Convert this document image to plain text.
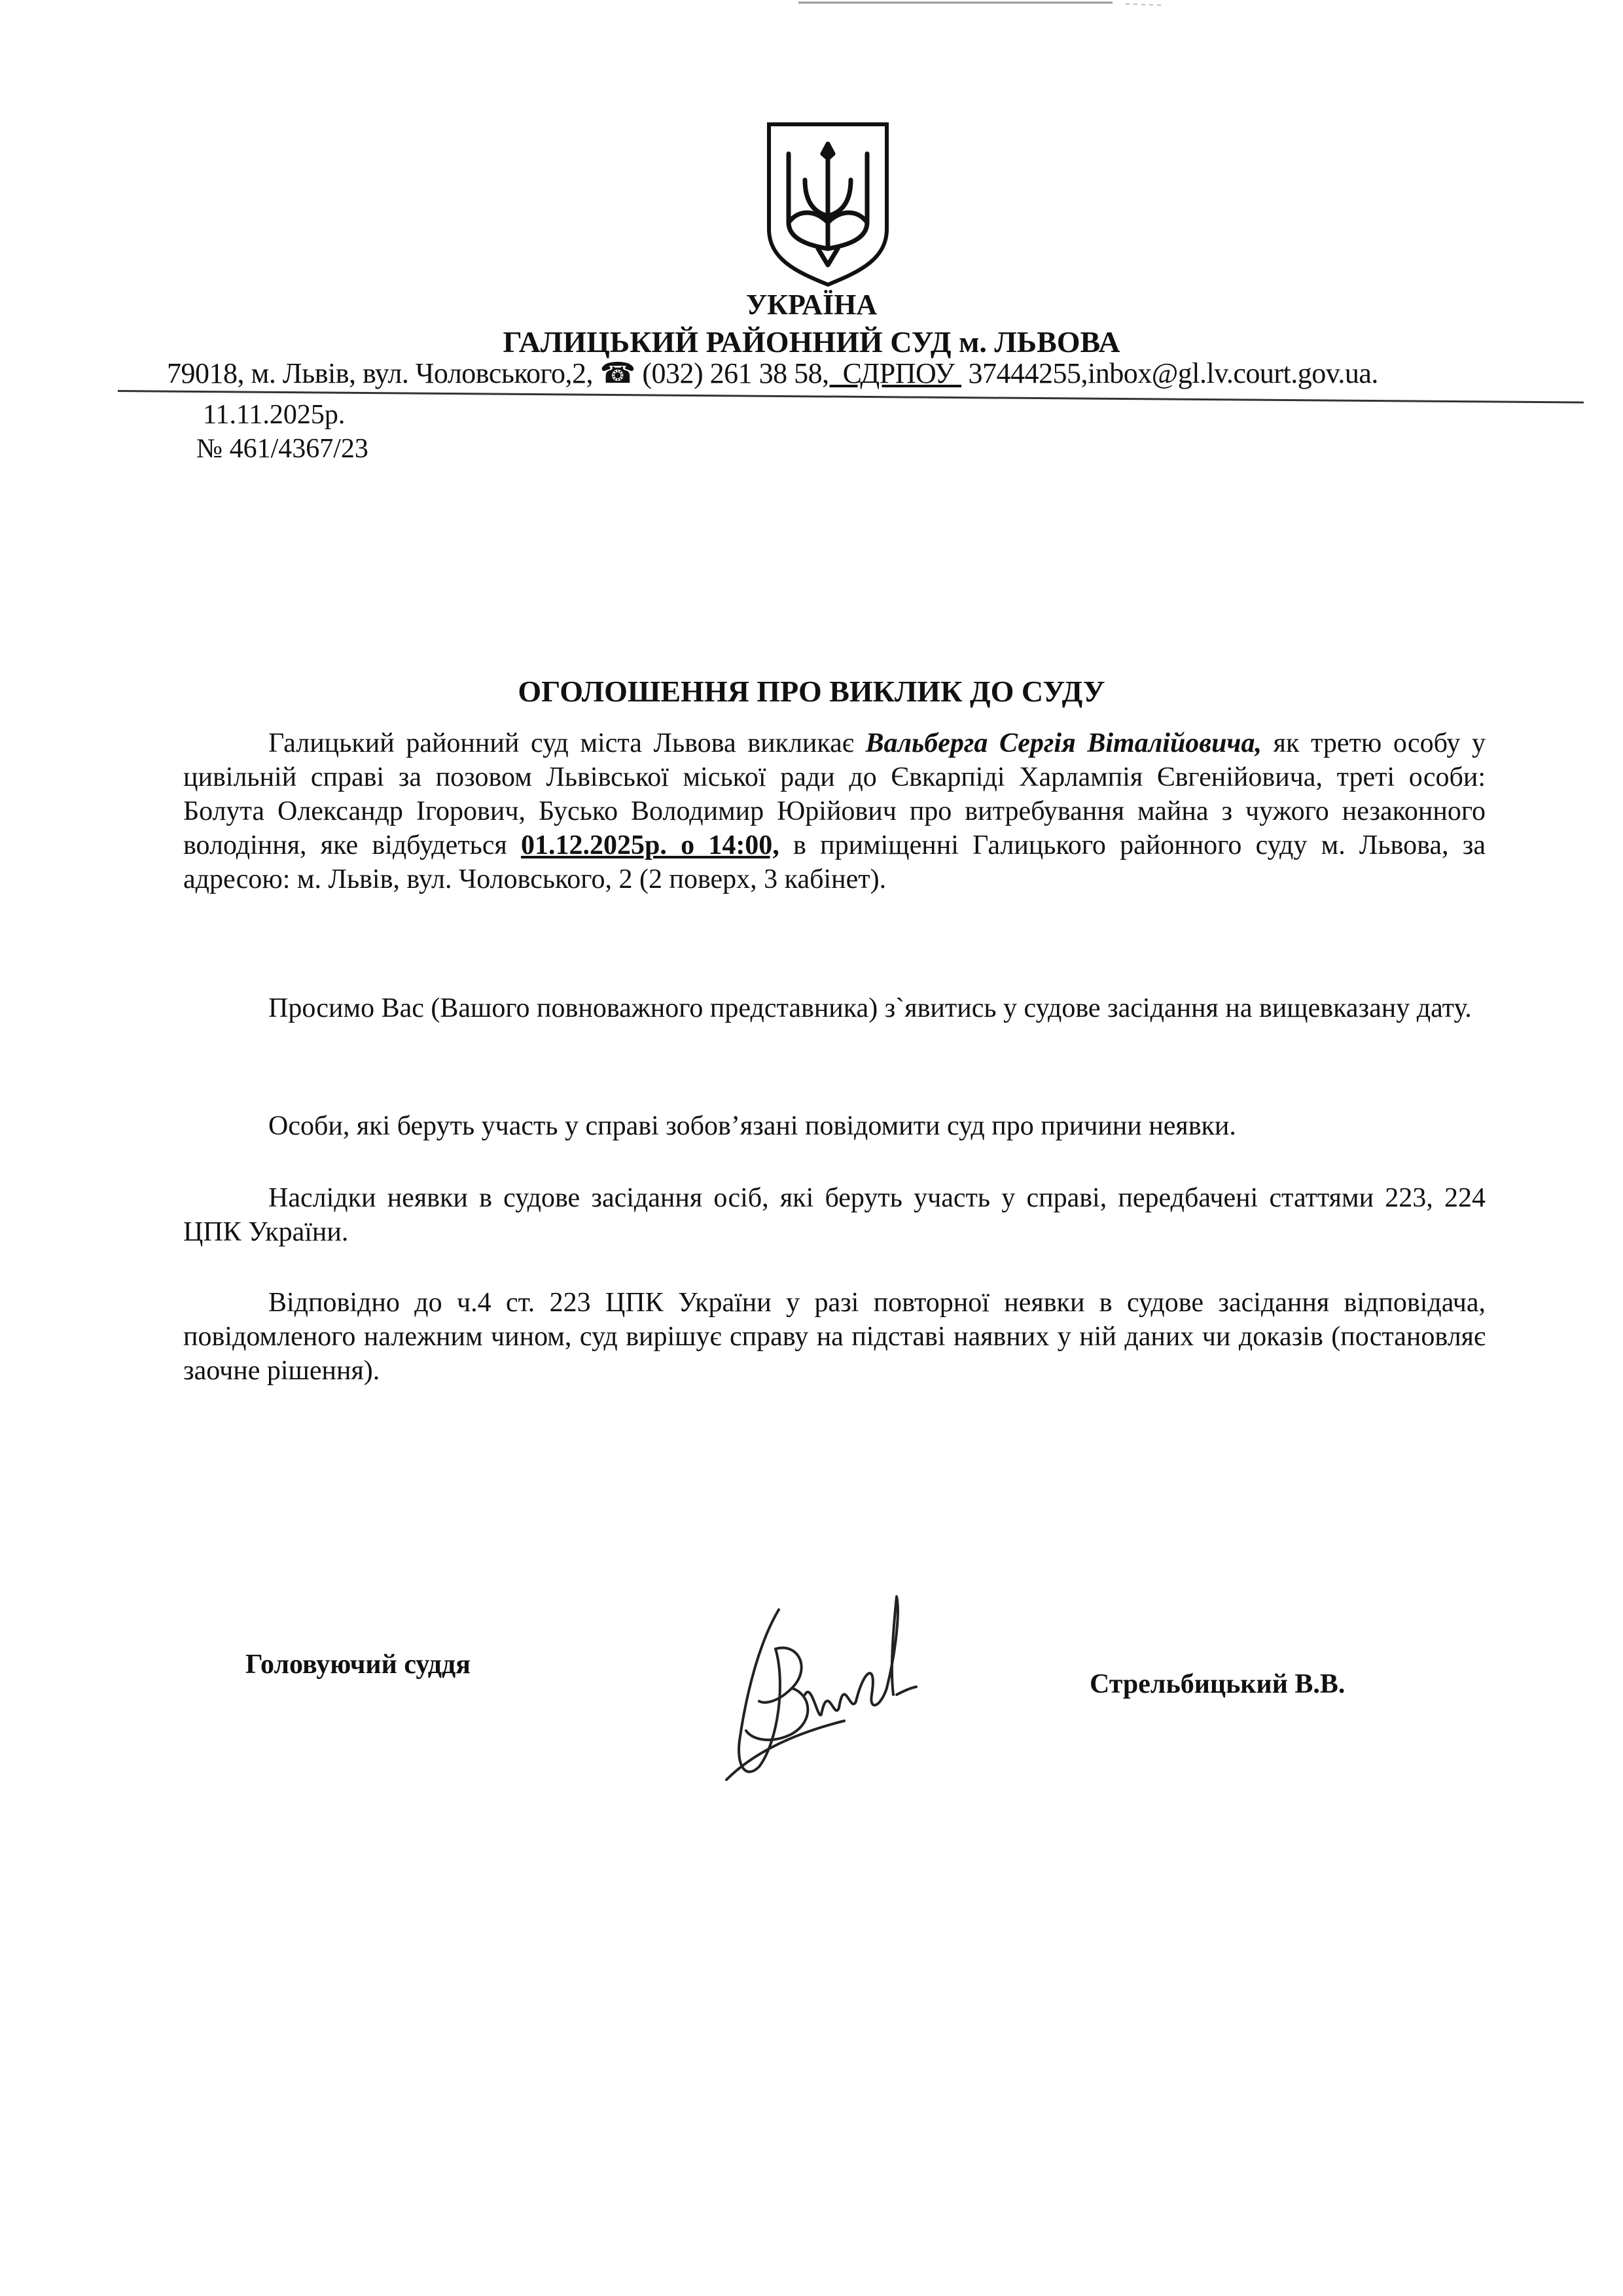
УКРАЇНА
ГАЛИЦЬКИЙ РАЙОННИЙ СУД м. ЛЬВОВА
79018, м. Львів, вул. Чоловського,2, ☎ (032) 261 38 58,  СДРПОУ 37444255,inbox@gl.lv.court.gov.ua.
11.11.2025р.
№ 461/4367/23
ОГОЛОШЕННЯ ПРО ВИКЛИК ДО СУДУ
Галицький районний суд міста Львова викликає Вальберга Сергія Віталійовича, як третю особу у цивільній справі за позовом Львівської міської ради до Євкарпіді Харлампія Євгенійовича, треті особи: Болута Олександр Ігорович, Бусько Володимир Юрійович про витребування майна з чужого незаконного володіння, яке відбудеться 01.12.2025р. о 14:00, в приміщенні Галицького районного суду м. Львова, за адресою: м. Львів, вул. Чоловського, 2 (2 поверх, 3 кабінет).
Просимо Вас (Вашого повноважного представника) з`явитись у судове засідання на вищевказану дату.
Особи, які беруть участь у справі зобов’язані повідомити суд про причини неявки.
Наслідки неявки в судове засідання осіб, які беруть участь у справі, передбачені статтями 223, 224 ЦПК України.
Відповідно до ч.4 ст. 223 ЦПК України у разі повторної неявки в судове засідання відповідача, повідомленого належним чином, суд вирішує справу на підставі наявних у ній даних чи доказів (постановляє заочне рішення).
Головуючий суддя
Стрельбицький В.В.
